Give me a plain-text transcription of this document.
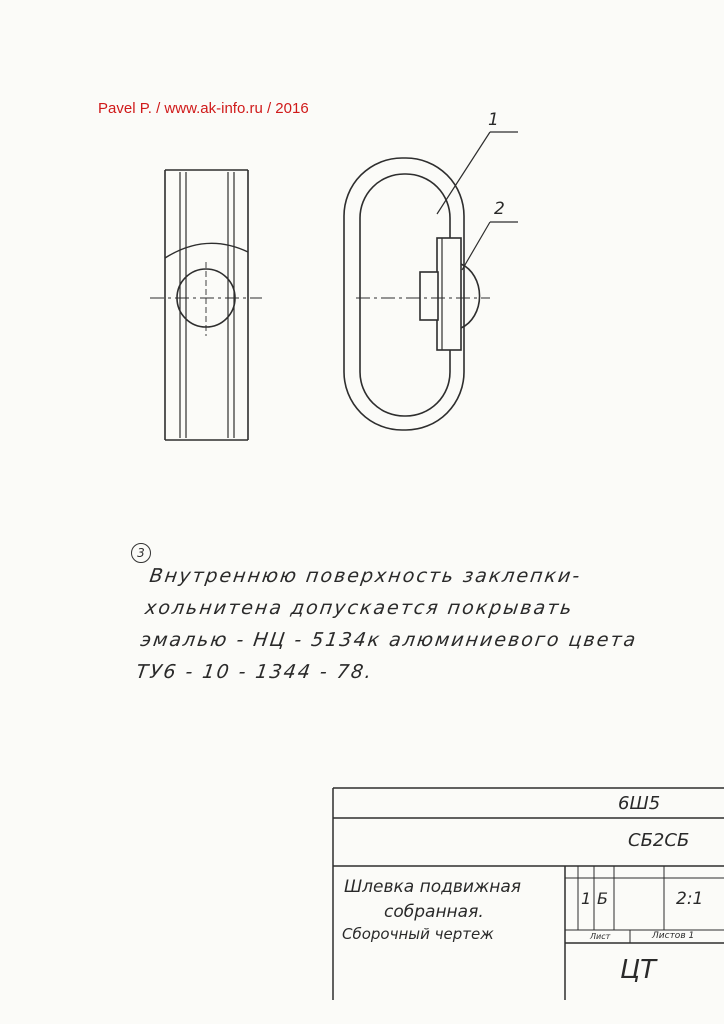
Pavel P. / www.ak-info.ru / 2016
1
2
3

Внутреннюю поверхность заклепки-
хольнитена допускается покрывать
эмалью - НЦ - 5134к алюминиевого цвета
ТУ6 - 10 - 1344 - 78.

6Ш5
СБ2СБ
Шлевка подвижная
собранная.
Сборочный чертеж
1 Б	2:1
Лист	Листов 1
ЦТ
